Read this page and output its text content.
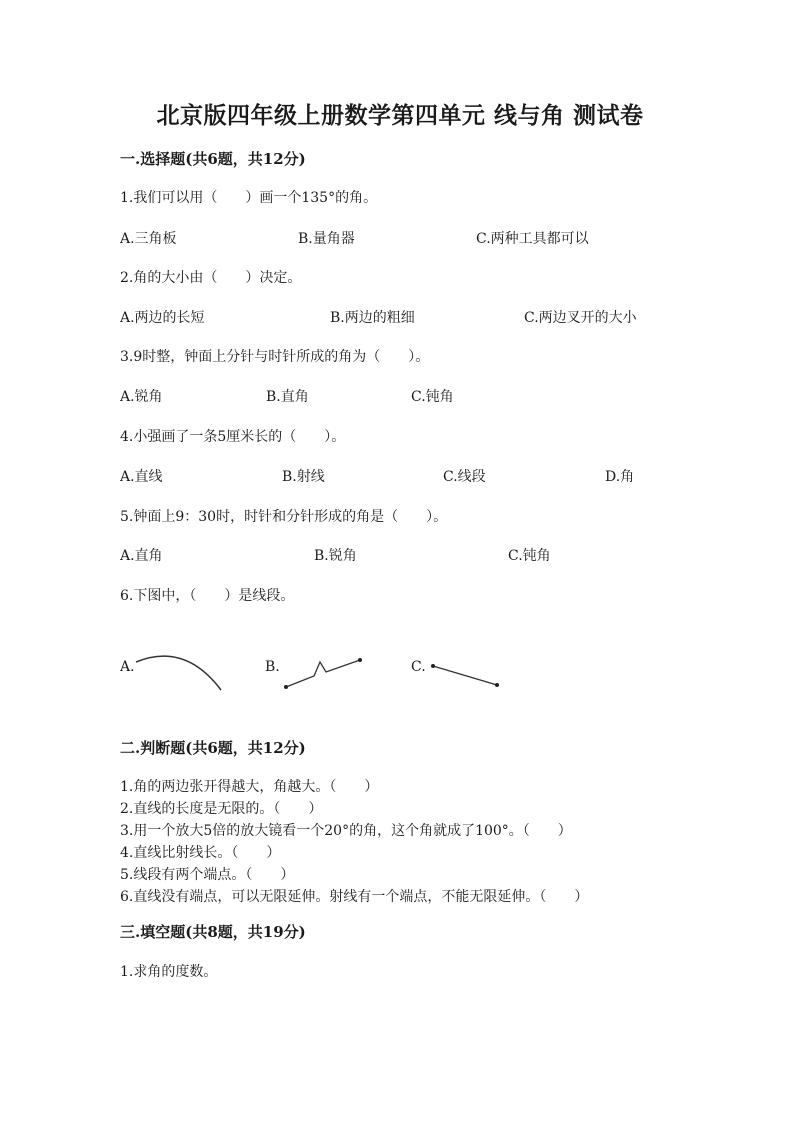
北京版四年级上册数学第四单元 线与角 测试卷
一.选择题(共6题，共12分)
1.我们可以用（　　）画一个135°的角。
A.三角板	B.量角器	C.两种工具都可以
2.角的大小由（　　）决定。
A.两边的长短	B.两边的粗细	C.两边叉开的大小
3.9时整，钟面上分针与时针所成的角为（　　）。
A.锐角	B.直角	C.钝角
4.小强画了一条5厘米长的（　　）。
A.直线	B.射线	C.线段	D.角
5.钟面上9：30时，时针和分针形成的角是（　　）。
A.直角	B.锐角	C.钝角
6.下图中，（　　）是线段。
A.	B.	C.
二.判断题(共6题，共12分)
1.角的两边张开得越大，角越大。（　　）
2.直线的长度是无限的。（　　）
3.用一个放大5倍的放大镜看一个20°的角，这个角就成了100°。（　　）
4.直线比射线长。（　　）
5.线段有两个端点。（　　）
6.直线没有端点，可以无限延伸。射线有一个端点，不能无限延伸。（　　）
三.填空题(共8题，共19分)
1.求角的度数。
